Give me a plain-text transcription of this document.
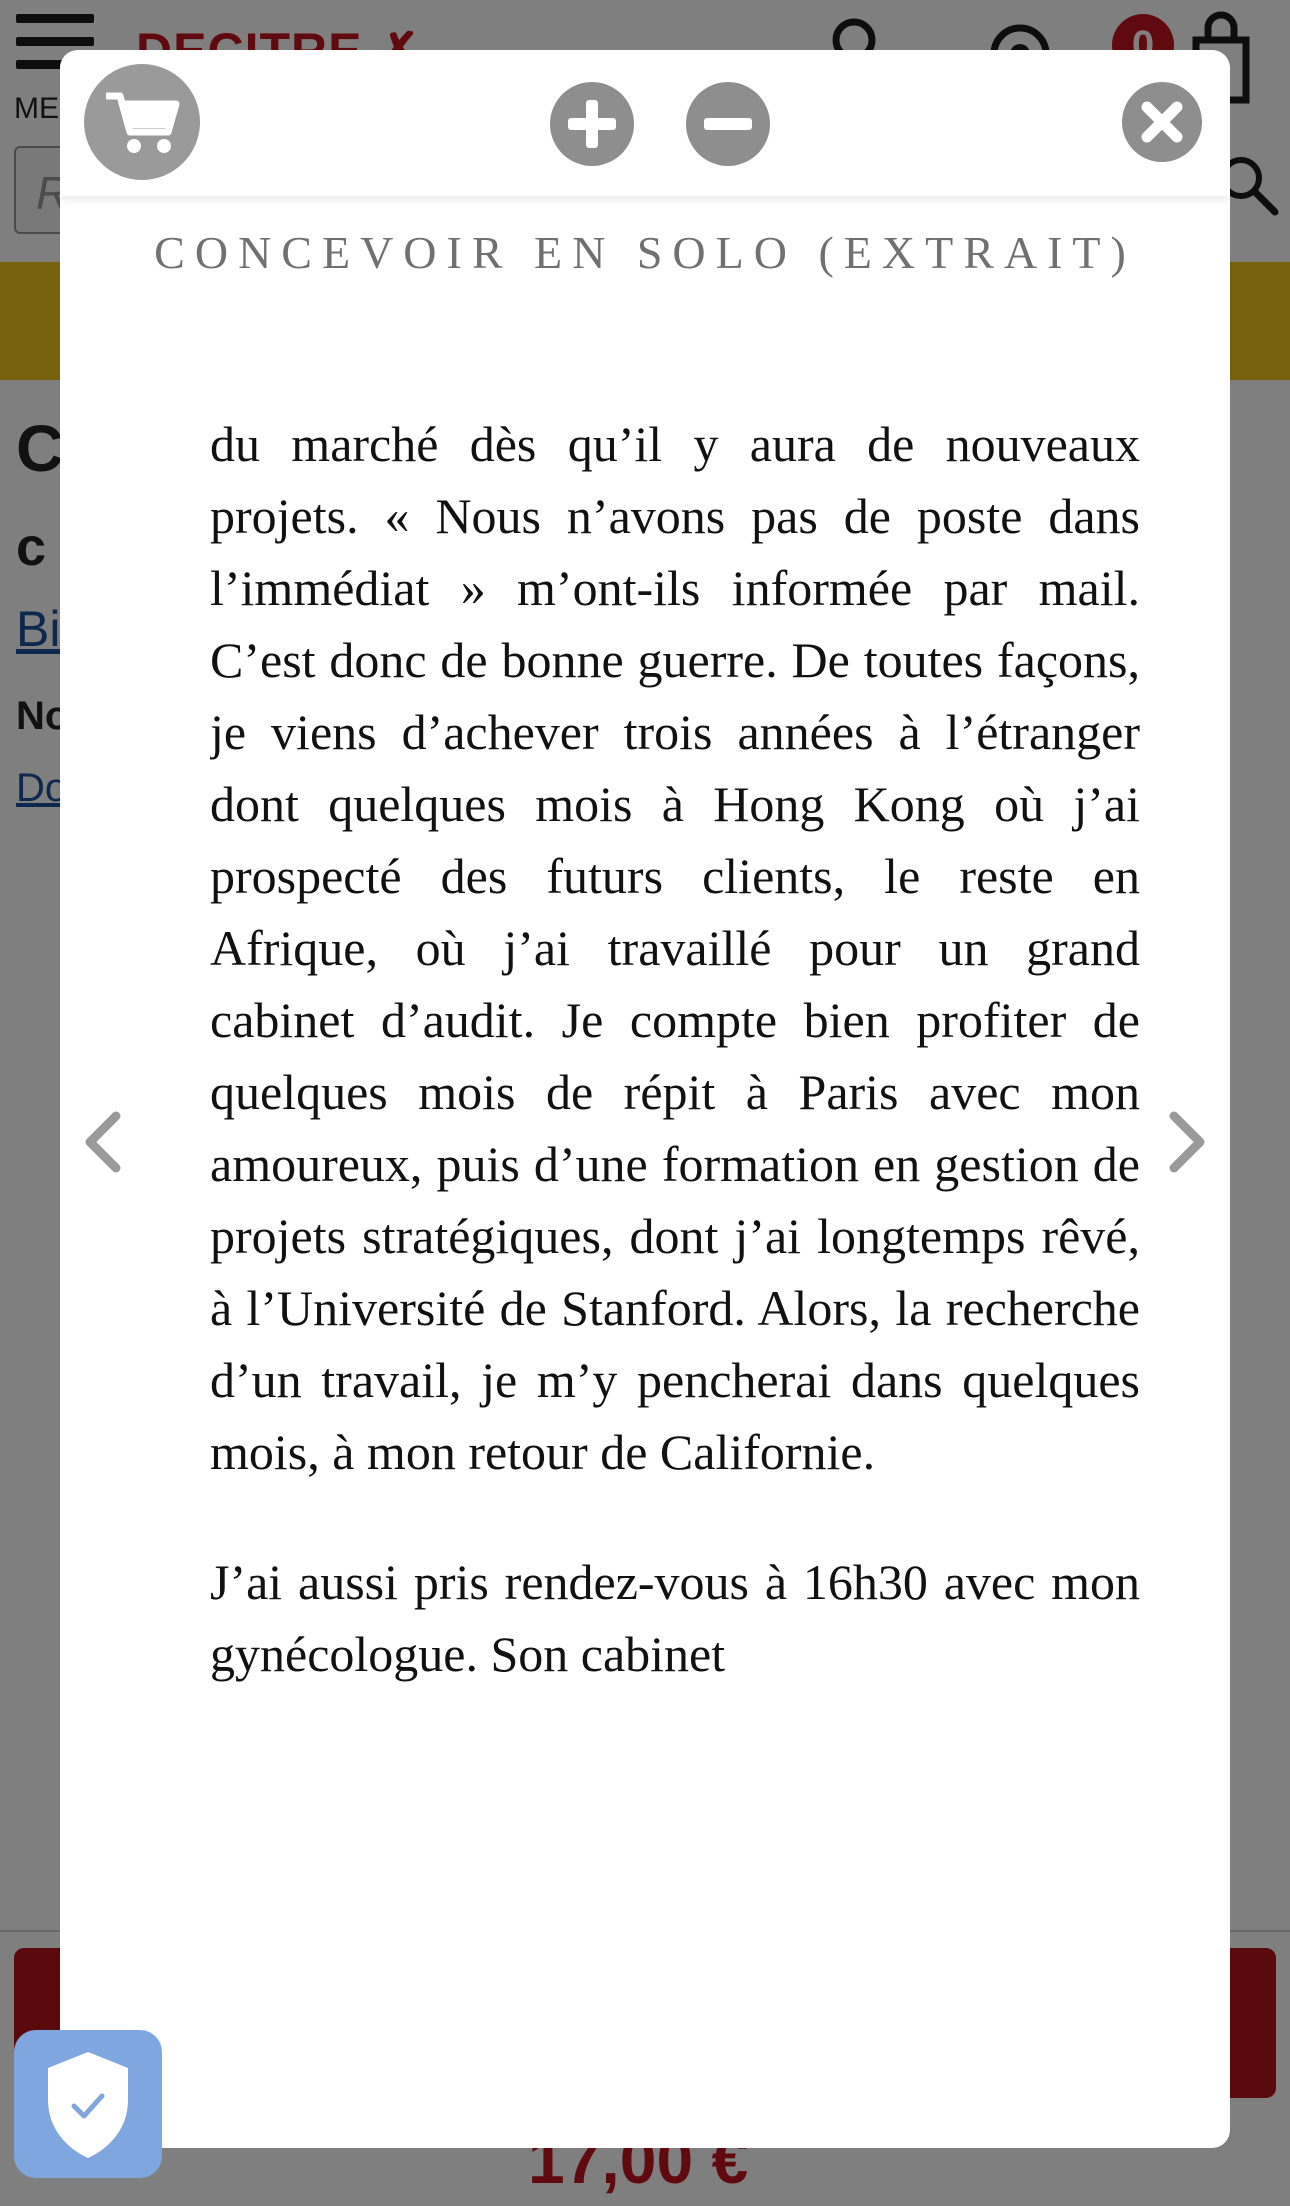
CONCEVOIR EN SOLO (EXTRAIT)

du marché dès qu’il y aura de nouveaux projets. « Nous n’avons pas de poste dans l’immédiat » m’ont-ils informée par mail. C’est donc de bonne guerre. De toutes façons, je viens d’achever trois années à l’étranger dont quelques mois à Hong Kong où j’ai prospecté des futurs clients, le reste en Afrique, où j’ai travaillé pour un grand cabinet d’audit. Je compte bien profiter de quelques mois de répit à Paris avec mon amoureux, puis d’une formation en gestion de projets stratégiques, dont j’ai longtemps rêvé, à l’Université de Stanford. Alors, la recherche d’un travail, je m’y pencherai dans quelques mois, à mon retour de Californie.

J’ai aussi pris rendez-vous à 16h30 avec mon gynécologue. Son cabinet
